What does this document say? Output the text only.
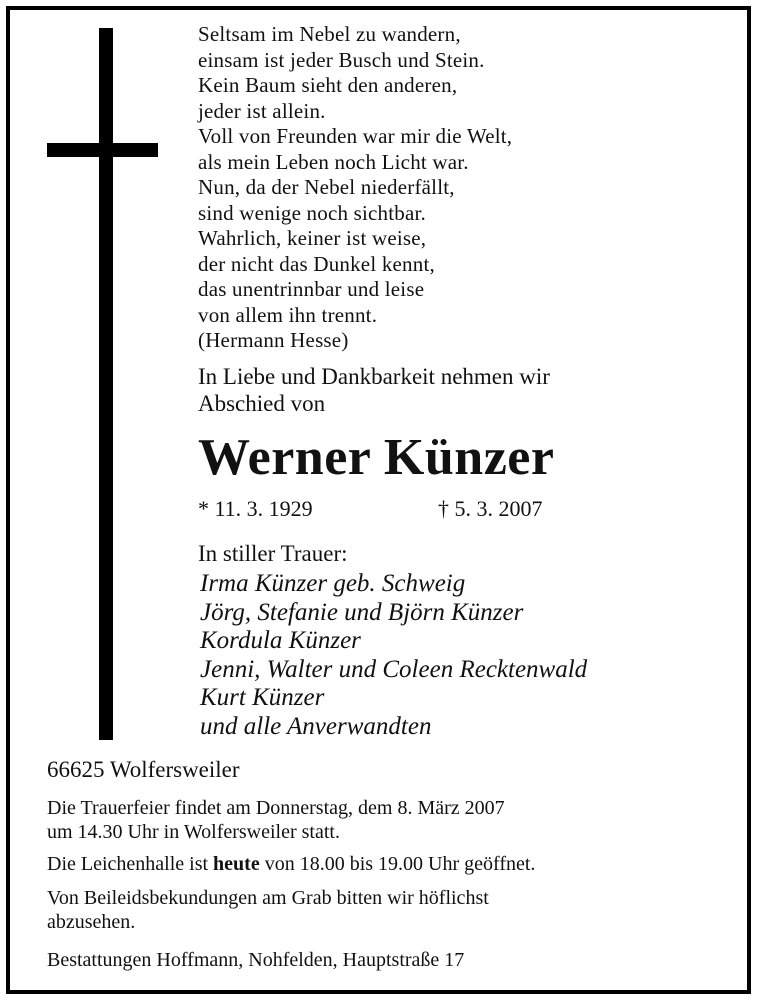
Seltsam im Nebel zu wandern,
einsam ist jeder Busch und Stein.
Kein Baum sieht den anderen,
jeder ist allein.
Voll von Freunden war mir die Welt,
als mein Leben noch Licht war.
Nun, da der Nebel niederfällt,
sind wenige noch sichtbar.
Wahrlich, keiner ist weise,
der nicht das Dunkel kennt,
das unentrinnbar und leise
von allem ihn trennt.
(Hermann Hesse)
In Liebe und Dankbarkeit nehmen wir
Abschied von
Werner Künzer
* 11. 3. 1929	† 5. 3. 2007
In stiller Trauer:
Irma Künzer geb. Schweig
Jörg, Stefanie und Björn Künzer
Kordula Künzer
Jenni, Walter und Coleen Recktenwald
Kurt Künzer
und alle Anverwandten
66625 Wolfersweiler
Die Trauerfeier findet am Donnerstag, dem 8. März 2007
um 14.30 Uhr in Wolfersweiler statt.
Die Leichenhalle ist heute von 18.00 bis 19.00 Uhr geöffnet.
Von Beileidsbekundungen am Grab bitten wir höflichst
abzusehen.
Bestattungen Hoffmann, Nohfelden, Hauptstraße 17
